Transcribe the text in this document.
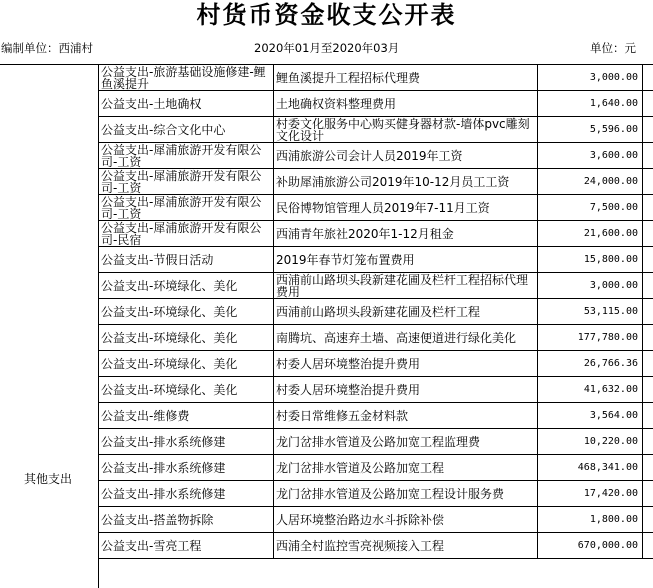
村货币资金收支公开表
编制单位：西浦村	2020年01月至2020年03月	单位：元
其他支出
公益支出-旅游基础设施修建-鲤鱼溪提升	鲤鱼溪提升工程招标代理费	3,000.00
公益支出-土地确权	土地确权资料整理费用	1,640.00
公益支出-综合文化中心	村委文化服务中心购买健身器材款-墙体pvc雕刻文化设计	5,596.00
公益支出-犀浦旅游开发有限公司-工资	西浦旅游公司会计人员2019年工资	3,600.00
公益支出-犀浦旅游开发有限公司-工资	补助犀浦旅游公司2019年10-12月员工工资	24,000.00
公益支出-犀浦旅游开发有限公司-工资	民俗博物馆管理人员2019年7-11月工资	7,500.00
公益支出-犀浦旅游开发有限公司-民宿	西浦青年旅社2020年1-12月租金	21,600.00
公益支出-节假日活动	2019年春节灯笼布置费用	15,800.00
公益支出-环境绿化、美化	西浦前山路坝头段新建花圃及栏杆工程招标代理费用	3,000.00
公益支出-环境绿化、美化	西浦前山路坝头段新建花圃及栏杆工程	53,115.00
公益支出-环境绿化、美化	南腾坑、高速弃土墙、高速便道进行绿化美化	177,780.00
公益支出-环境绿化、美化	村委人居环境整治提升费用	26,766.36
公益支出-环境绿化、美化	村委人居环境整治提升费用	41,632.00
公益支出-维修费	村委日常维修五金材料款	3,564.00
公益支出-排水系统修建	龙门岔排水管道及公路加宽工程监理费	10,220.00
公益支出-排水系统修建	龙门岔排水管道及公路加宽工程	468,341.00
公益支出-排水系统修建	龙门岔排水管道及公路加宽工程设计服务费	17,420.00
公益支出-搭盖物拆除	人居环境整治路边水斗拆除补偿	1,800.00
公益支出-雪亮工程	西浦全村监控雪亮视频接入工程	670,000.00
